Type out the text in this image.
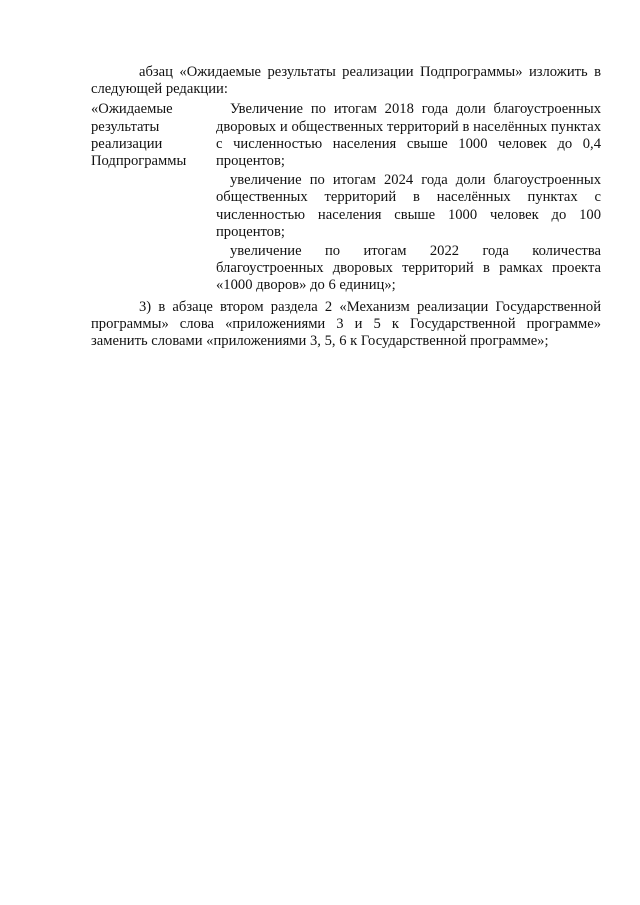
абзац «Ожидаемые результаты реализации Подпрограммы» изложить в следующей редакции:

«Ожидаемые
результаты
реализации
Подпрограммы

Увеличение по итогам 2018 года доли благоустроенных дворовых и общественных территорий в населённых пунктах с численностью населения свыше 1000 человек до 0,4 процентов;

увеличение по итогам 2024 года доли благоустроенных общественных территорий в населённых пунктах с численностью населения свыше 1000 человек до 100 процентов;

увеличение по итогам 2022 года количества благоустроенных дворовых территорий в рамках проекта «1000 дворов» до 6 единиц»;

3) в абзаце втором раздела 2 «Механизм реализации Государственной программы» слова «приложениями 3 и 5 к Государственной программе» заменить словами «приложениями 3, 5, 6 к Государственной программе»;
